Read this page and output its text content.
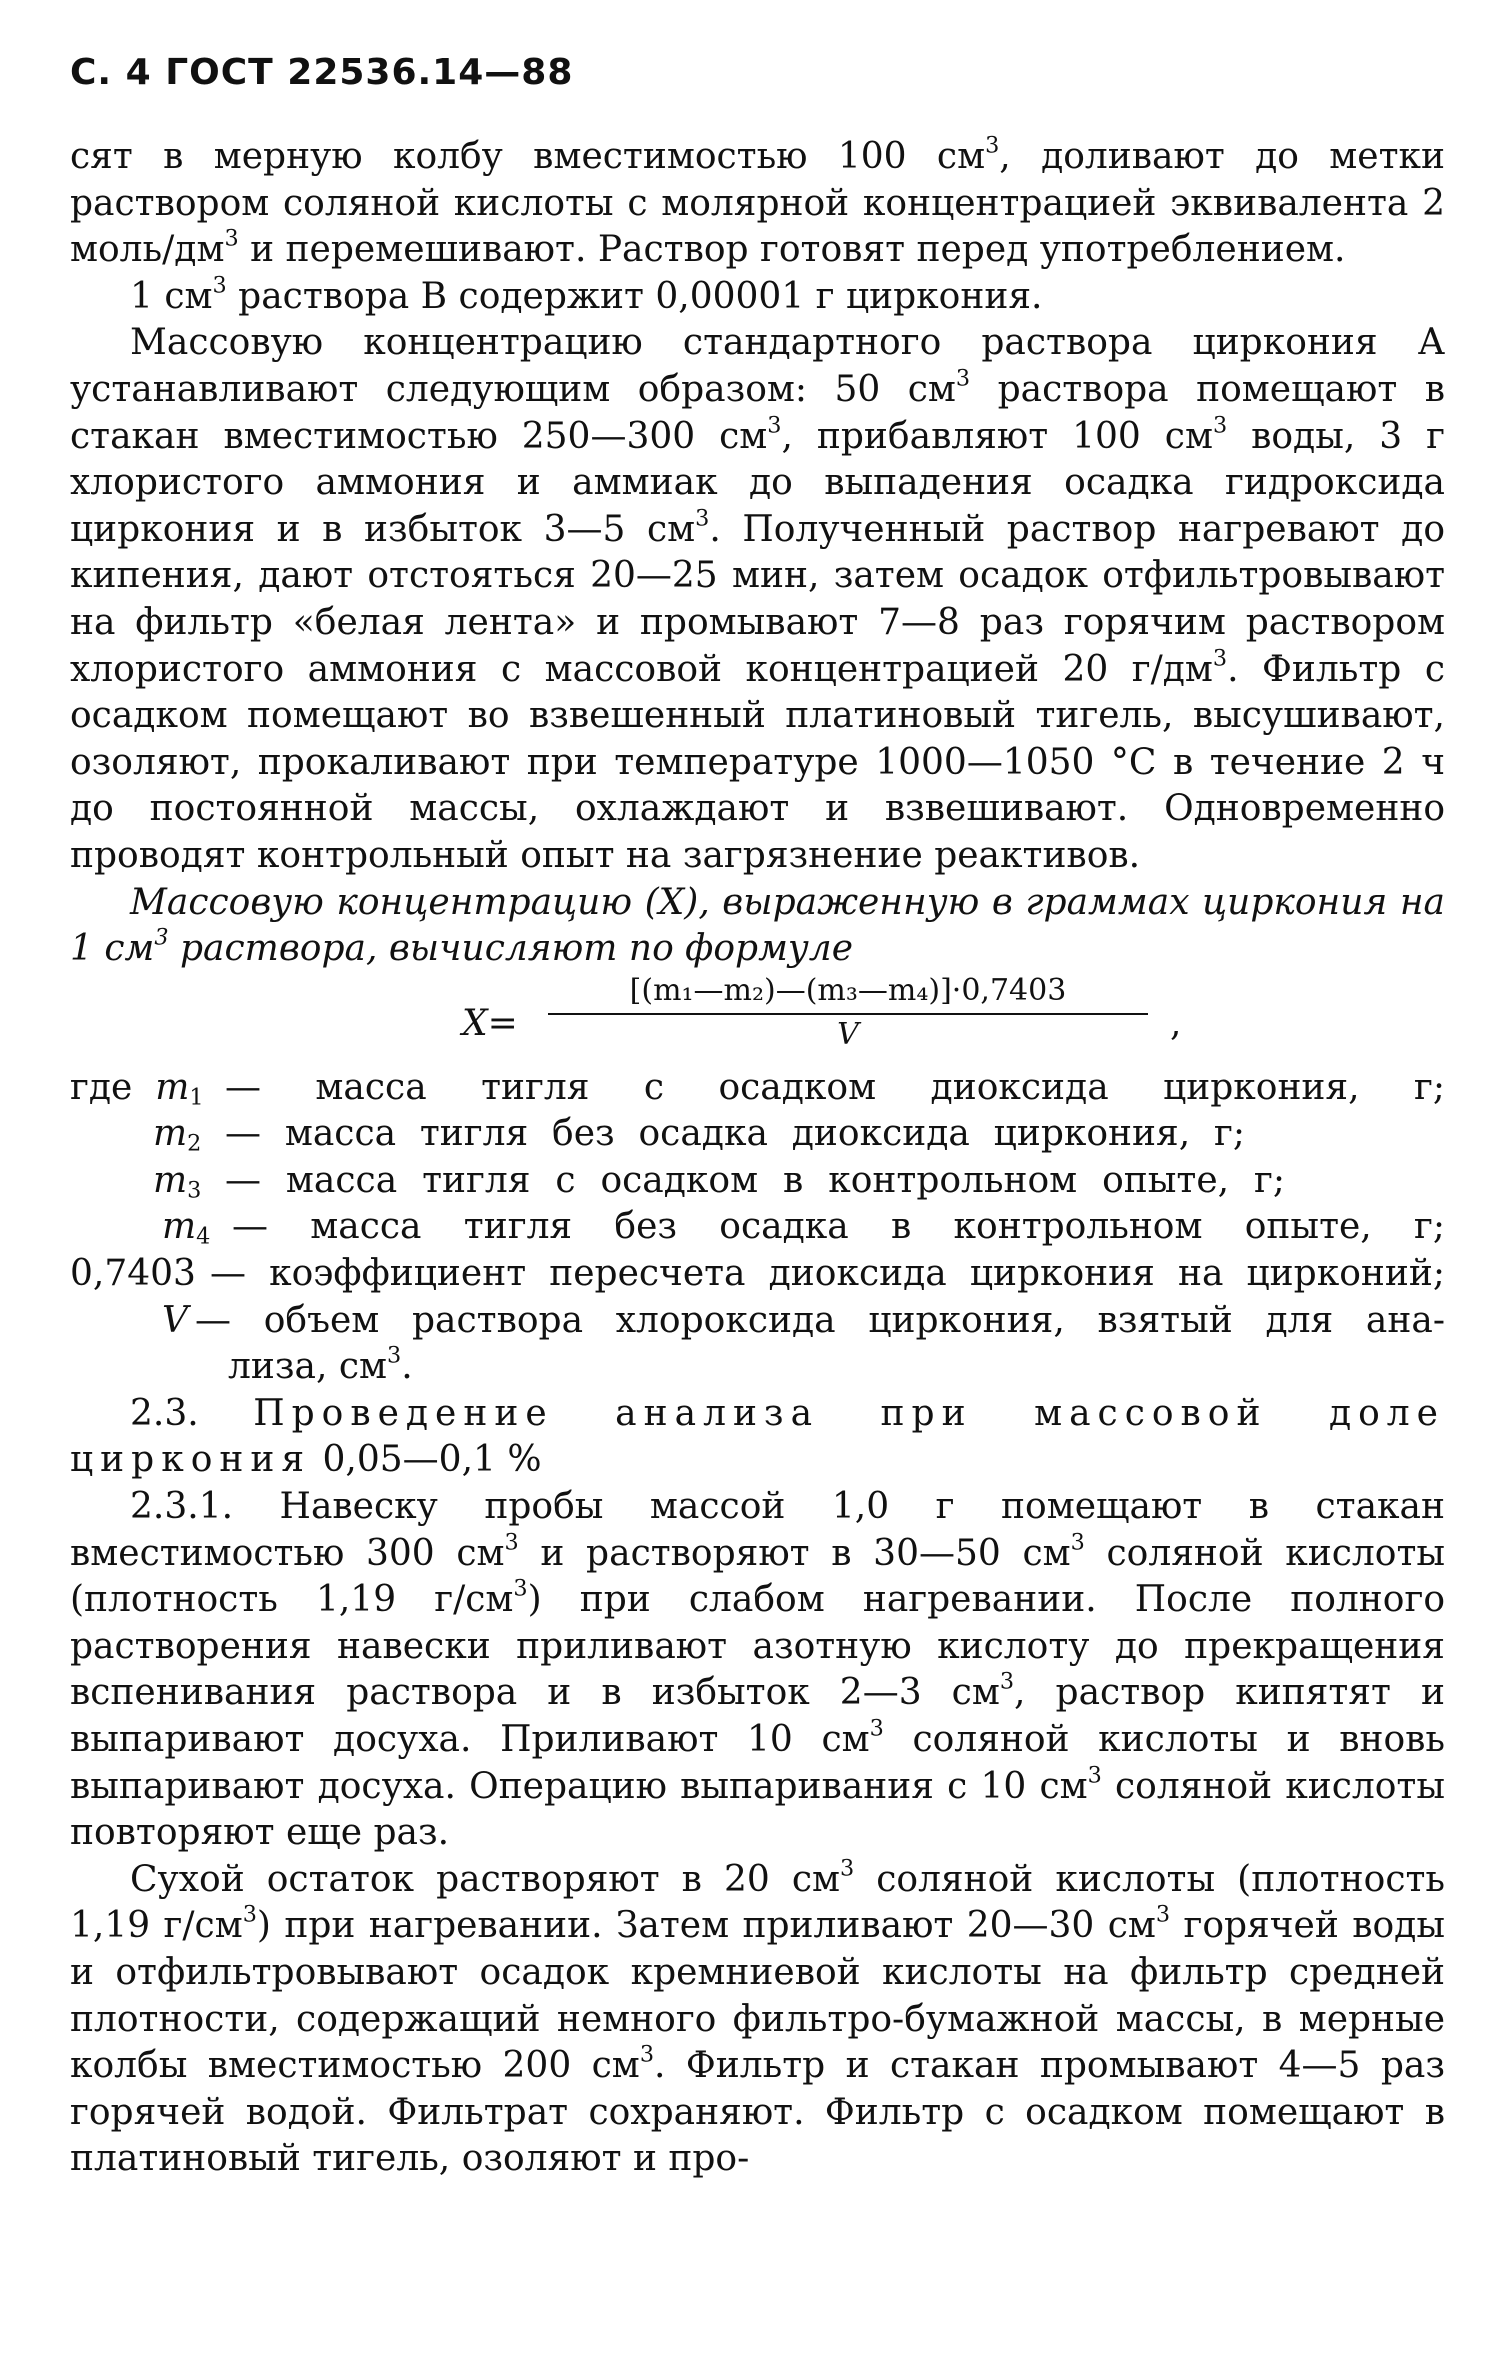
С. 4 ГОСТ 22536.14—88

сят в мерную колбу вместимостью 100 $см^3$, доливают до метки раствором соляной кислоты с молярной концентрацией эквивалента 2 моль/$дм^3$ и перемешивают. Раствор готовят перед употреблением.

1 $см^3$ раствора В содержит 0,00001 г циркония.

Массовую концентрацию стандартного раствора циркония А устанавливают следующим образом: 50 $см^3$ раствора помещают в стакан вместимостью 250—300 $см^3$, прибавляют 100 $см^3$ воды, 3 г хлористого аммония и аммиак до выпадения осадка гидроксида циркония и в избыток 3—5 $см^3$. Полученный раствор нагревают до кипения, дают отстояться 20—25 мин, затем осадок отфильтровывают на фильтр «белая лента» и промывают 7—8 раз горячим раствором хлористого аммония с массовой концентрацией 20 $г/дм^3$. Фильтр с осадком помещают во взвешенный платиновый тигель, высушивают, озоляют, прокаливают при температуре 1000—1050 °С в течение 2 ч до постоянной массы, охлаждают и взвешивают. Одновременно проводят контрольный опыт на загрязнение реактивов.

Массовую концентрацию (X), выраженную в граммах циркония на 1 $см^3$ раствора, вычисляют по формуле

X=
[(m₁—m₂)—(m₃—m₄)]·0,7403
V	,
где $m_1$ — масса тигля с осадком диоксида циркония, г;
$m_2$ — масса тигля без осадка диоксида циркония, г;
$m_3$ — масса тигля с осадком в контрольном опыте, г;
$m_4$ — масса тигля без осадка в контрольном опыте, г;
0,7403 — коэффициент пересчета диоксида циркония на цирконий;
V — объем раствора хлороксида циркония, взятый для ана-
лиза, $см^3$.

2.3. Проведение анализа при массовой доле циркония 0,05—0,1 %

2.3.1. Навеску пробы массой 1,0 г помещают в стакан вместимостью 300 $см^3$ и растворяют в 30—50 $см^3$ соляной кислоты (плотность 1,19 $г/см^3$) при слабом нагревании. После полного растворения навески приливают азотную кислоту до прекращения вспенивания раствора и в избыток 2—3 $см^3$, раствор кипятят и выпаривают досуха. Приливают 10 $см^3$ соляной кислоты и вновь выпаривают досуха. Операцию выпаривания с 10 $см^3$ соляной кислоты повторяют еще раз.

Сухой остаток растворяют в 20 $см^3$ соляной кислоты (плотность 1,19 $г/см^3$) при нагревании. Затем приливают 20—30 $см^3$ горячей воды и отфильтровывают осадок кремниевой кислоты на фильтр средней плотности, содержащий немного фильтро-бумажной массы, в мерные колбы вместимостью 200 $см^3$. Фильтр и стакан промывают 4—5 раз горячей водой. Фильтрат сохраняют. Фильтр с осадком помещают в платиновый тигель, озоляют и про-
